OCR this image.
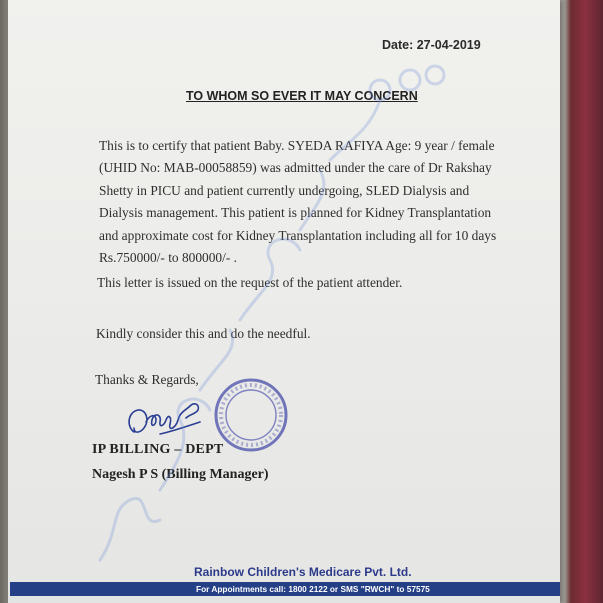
Date: 27-04-2019
TO WHOM SO EVER IT MAY CONCERN
This is to certify that patient Baby. SYEDA RAFIYA Age: 9 year / female
(UHID No: MAB-00058859) was admitted under the care of Dr Rakshay
Shetty in PICU and patient currently undergoing, SLED Dialysis and
Dialysis management. This patient is planned for Kidney Transplantation
and approximate cost for Kidney Transplantation including all for 10 days
Rs.750000/- to 800000/- .
This letter is issued on the request of the patient attender.
Kindly consider this and do the needful.
Thanks & Regards,
IP BILLING – DEPT
Nagesh P S (Billing Manager)
Rainbow Children's Medicare Pvt. Ltd.
For Appointments call: 1800 2122 or SMS "RWCH" to 57575
